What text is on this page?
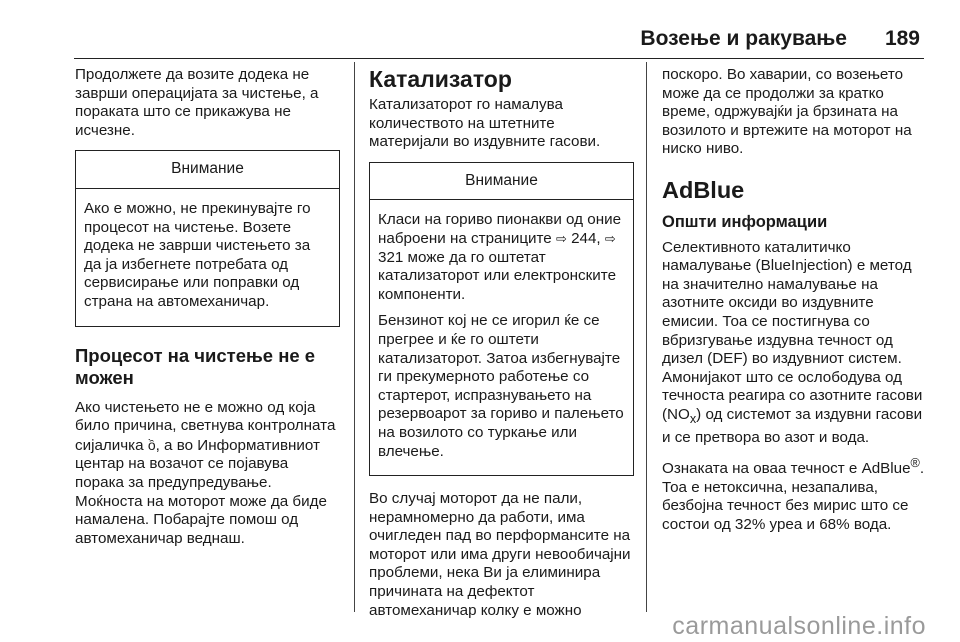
Возење и ракување 189

Продолжете да возите додека не заврши операцијата за чистење, а пораката што се прикажува не исчезне.

Внимание

Ако е можно, не прекинувајте го процесот на чистење. Возете додека не заврши чистењето за да ја избегнете потребата од сервисирање или поправки од страна на автомеханичар.

Процесот на чистење не е можен

Ако чистењето не е можно од која било причина, светнува контролната сијаличка ồ, а во Информативниот центар на возачот се појавува порака за предупредување. Моќноста на моторот може да биде намалена. Побарајте помош од автомеханичар веднаш.

Катализатор

Катализаторот го намалува количеството на штетните материјали во издувните гасови.

Внимание

Класи на гориво пионакви од оние наброени на страниците ⇨ 244, ⇨ 321 може да го оштетат катализаторот или електронските компоненти.

Бензинот кој не се игорил ќе се прегрее и ќе го оштети катализаторот. Затоа избегнувајте ги прекумерното работење со стартерот, испразнувањето на резервоарот за гориво и палењето на возилото со туркање или влечење.

Во случај моторот да не пали, нерамномерно да работи, има очигледен пад во перформансите на моторот или има други невообичајни проблеми, нека Ви ја елиминира причината на дефектот автомеханичар колку е можно

поскоро. Во хаварии, со возењето може да се продолжи за кратко време, одржувајќи ја брзината на возилото и вртежите на моторот на ниско ниво.

AdBlue
Општи информации

Селективното каталитичко намалување (BlueInjection) е метод на значително намалување на азотните оксиди во издувните емисии. Тоа се постигнува со вбризгување издувна течност од дизел (DEF) во издувниот систем. Амонијакот што се ослободува од течноста реагира со азотните гасови $(NO_x)$ од системот за издувни гасови и се претвора во азот и вода.

Ознаката на оваа течност е AdBlue®. Тоа е нетоксична, незапалива, безбојна течност без мирис што се состои од 32% уреа и 68% вода.

carmanualsonline.info
